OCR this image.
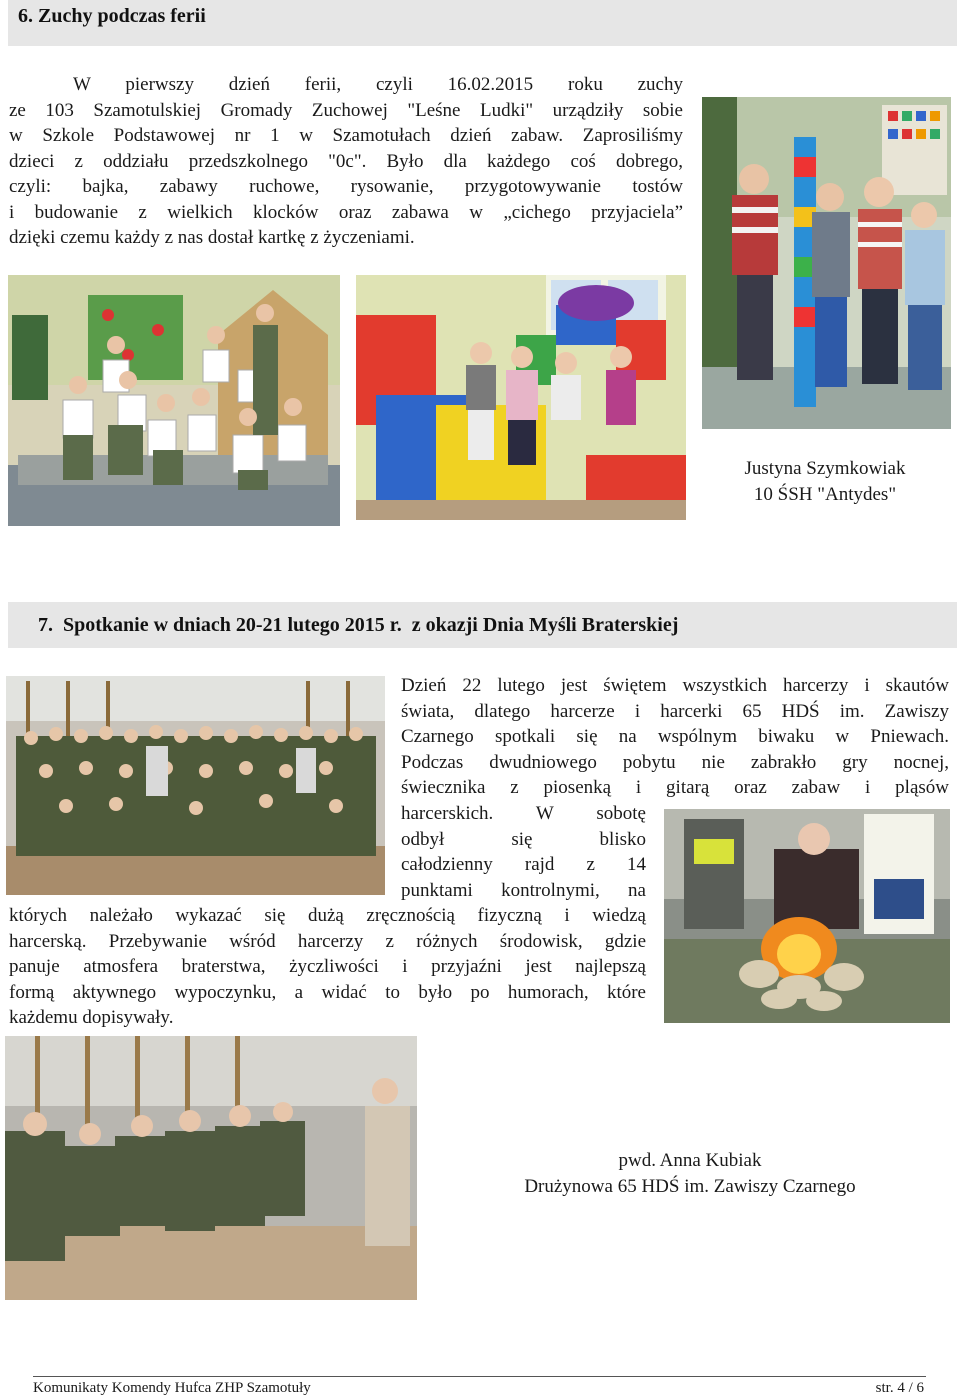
6. Zuchy podczas ferii
W pierwszy dzień ferii, czyli 16.02.2015 roku zuchy
ze 103 Szamotulskiej Gromady Zuchowej "Leśne Ludki" urządziły sobie
w Szkole Podstawowej nr 1 w Szamotułach dzień zabaw. Zaprosiliśmy
dzieci z oddziału przedszkolnego "0c". Było dla każdego coś dobrego,
czyli: bajka, zabawy ruchowe, rysowanie, przygotowywanie tostów
i budowanie z wielkich klocków oraz zabawa w „cichego przyjaciela”
dzięki czemu każdy z nas dostał kartkę z życzeniami.
Justyna Szymkowiak
10 ŚSH "Antydes"
7.  Spotkanie w dniach 20-21 lutego 2015 r.  z okazji Dnia Myśli Braterskiej
Dzień 22 lutego jest świętem wszystkich harcerzy i skautów
świata, dlatego harcerze i harcerki 65 HDŚ im. Zawiszy
Czarnego spotkali się na wspólnym biwaku w Pniewach.
Podczas dwudniowego pobytu nie zabrakło gry nocnej,
świecznika z piosenką i gitarą oraz zabaw i pląsów
harcerskich. W sobotę
odbył się blisko
całodzienny rajd z 14
punktami kontrolnymi, na
których należało wykazać się dużą zręcznością fizyczną i wiedzą
harcerską. Przebywanie wśród harcerzy z różnych środowisk, gdzie
panuje atmosfera braterstwa, życzliwości i przyjaźni jest najlepszą
formą aktywnego wypoczynku, a widać to było po humorach, które
każdemu dopisywały.
pwd. Anna Kubiak
Drużynowa 65 HDŚ im. Zawiszy Czarnego
Komunikaty Komendy Hufca ZHP Szamotuły	str. 4 / 6
